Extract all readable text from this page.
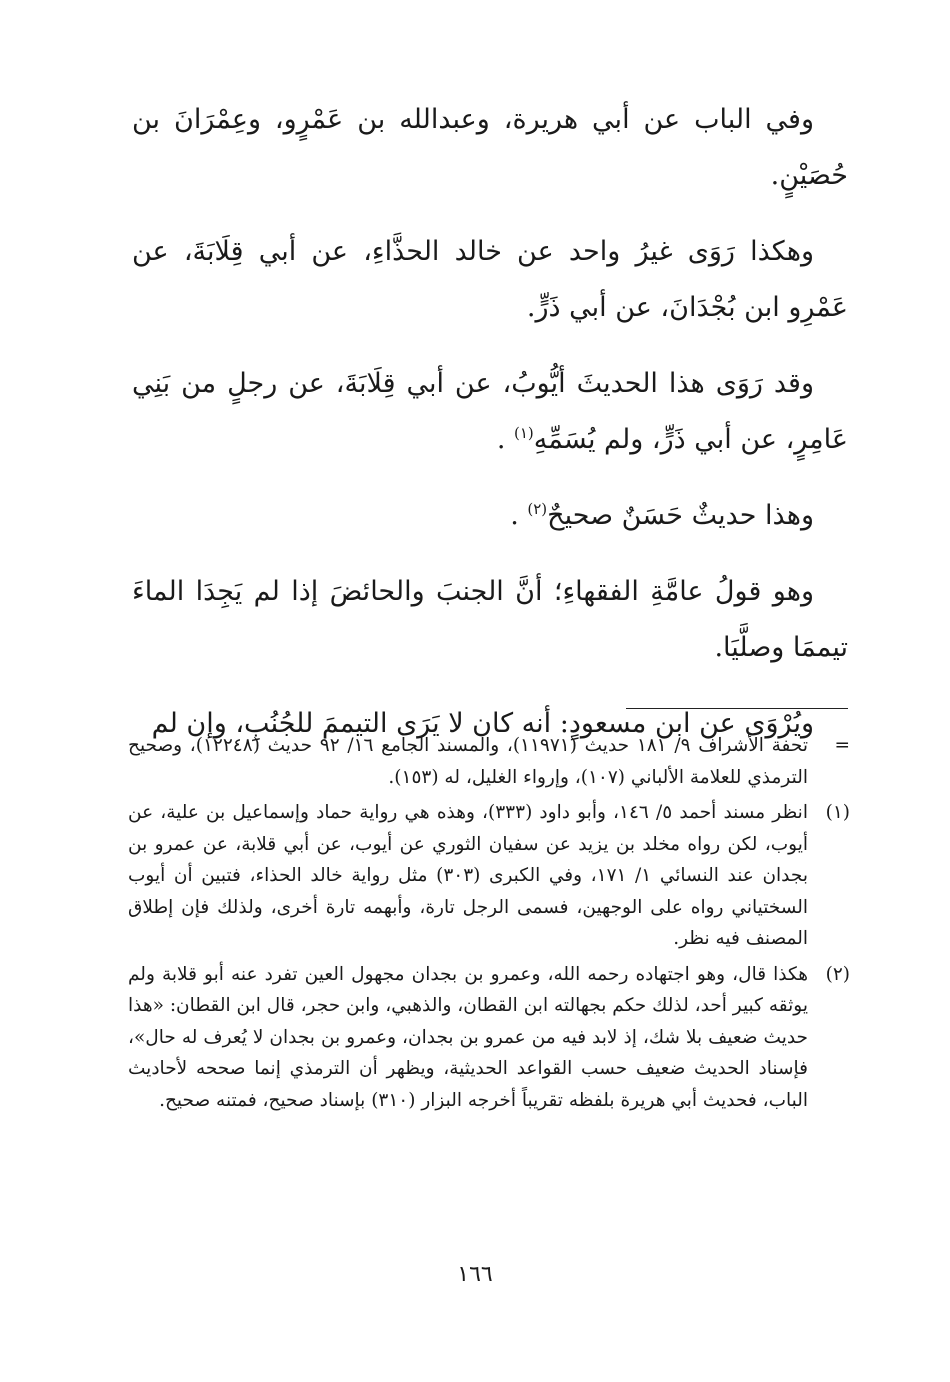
وفي الباب عن أبي هريرة، وعبدالله بن عَمْرٍو، وعِمْرَانَ بن حُصَيْنٍ.

وهكذا رَوَى غيرُ واحد عن خالد الحذَّاءِ، عن أبي قِلَابَةَ، عن عَمْرِو ابن بُجْدَانَ، عن أبي ذَرٍّ.

وقد رَوَى هذا الحديثَ أيُّوبُ، عن أبي قِلَابَةَ، عن رجلٍ من بَنِي عَامِرٍ، عن أبي ذَرٍّ، ولم يُسَمِّهِ$^{(١)}$ .

وهذا حديثٌ حَسَنٌ صحيحٌ$^{(٢)}$ .

وهو قولُ عامَّةِ الفقهاءِ؛ أنَّ الجنبَ والحائضَ إذا لم يَجِدَا الماءَ تيممَا وصلَّيَا.

ويُرْوَى عن ابن مسعودٍ: أنه كان لا يَرَى التيممَ للجُنُبِ، وإن لم

=
تحفة الأشراف ٩/ ١٨١ حديث (١١٩٧١)، والمسند الجامع ١٦/ ٩٢ حديث (١٢٢٤٨)، وصحيح الترمذي للعلامة الألباني (١٠٧)، وإرواء الغليل، له (١٥٣).
(١)
انظر مسند أحمد ٥/ ١٤٦، وأبو داود (٣٣٣)، وهذه هي رواية حماد وإسماعيل بن علية، عن أيوب، لكن رواه مخلد بن يزيد عن سفيان الثوري عن أيوب، عن أبي قلابة، عن عمرو بن بجدان عند النسائي ١/ ١٧١، وفي الكبرى (٣٠٣) مثل رواية خالد الحذاء، فتبين أن أيوب السختياني رواه على الوجهين، فسمى الرجل تارة، وأبهمه تارة أخرى، ولذلك فإن إطلاق المصنف فيه نظر.
(٢)
هكذا قال، وهو اجتهاده رحمه الله، وعمرو بن بجدان مجهول العين تفرد عنه أبو قلابة ولم يوثقه كبير أحد، لذلك حكم بجهالته ابن القطان، والذهبي، وابن حجر، قال ابن القطان: «هذا حديث ضعيف بلا شك، إذ لابد فيه من عمرو بن بجدان، وعمرو بن بجدان لا يُعرف له حال»، فإسناد الحديث ضعيف حسب القواعد الحديثية، ويظهر أن الترمذي إنما صححه لأحاديث الباب، فحديث أبي هريرة بلفظه تقريباً أخرجه البزار (٣١٠) بإسناد صحيح، فمتنه صحيح.
١٦٦
